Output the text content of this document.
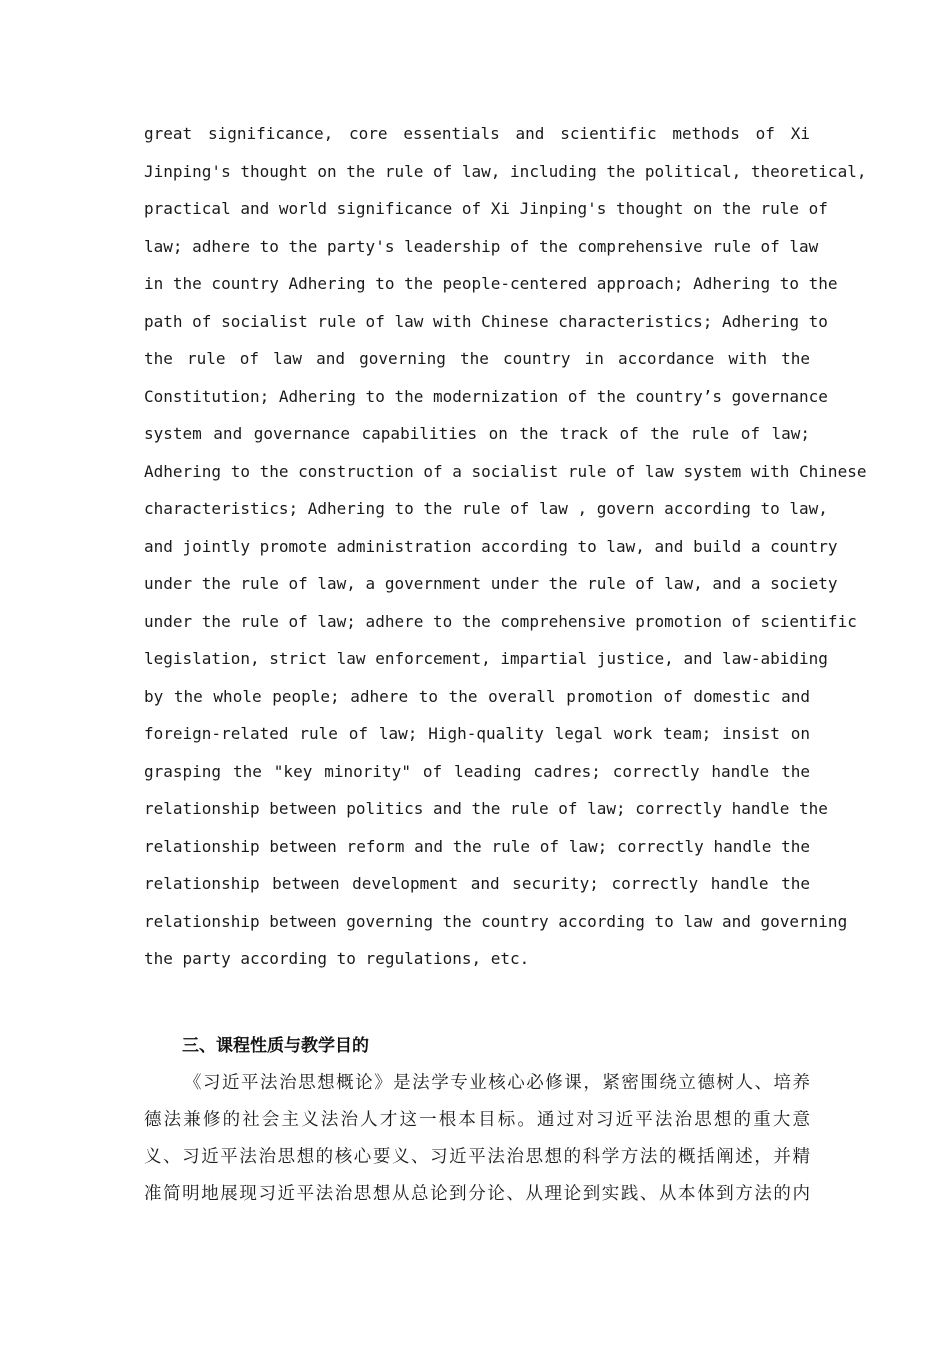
great significance, core essentials and scientific methods of Xi
Jinping's thought on the rule of law, including the political, theoretical,
practical and world significance of Xi Jinping's thought on the rule of
law; adhere to the party's leadership of the comprehensive rule of law
in the country Adhering to the people-centered approach; Adhering to the
path of socialist rule of law with Chinese characteristics; Adhering to
the rule of law and governing the country in accordance with the
Constitution; Adhering to the modernization of the country’s governance
system and governance capabilities on the track of the rule of law;
Adhering to the construction of a socialist rule of law system with Chinese
characteristics; Adhering to the rule of law , govern according to law,
and jointly promote administration according to law, and build a country
under the rule of law, a government under the rule of law, and a society
under the rule of law; adhere to the comprehensive promotion of scientific
legislation, strict law enforcement, impartial justice, and law-abiding
by the whole people; adhere to the overall promotion of domestic and
foreign-related rule of law; High-quality legal work team; insist on
grasping the "key minority" of leading cadres; correctly handle the
relationship between politics and the rule of law; correctly handle the
relationship between reform and the rule of law; correctly handle the
relationship between development and security; correctly handle the
relationship between governing the country according to law and governing
the party according to regulations, etc.
三、课程性质与教学目的
《习近平法治思想概论》是法学专业核心必修课，紧密围绕立德树人、培养
德法兼修的社会主义法治人才这一根本目标。通过对习近平法治思想的重大意
义、习近平法治思想的核心要义、习近平法治思想的科学方法的概括阐述，并精
准简明地展现习近平法治思想从总论到分论、从理论到实践、从本体到方法的内
